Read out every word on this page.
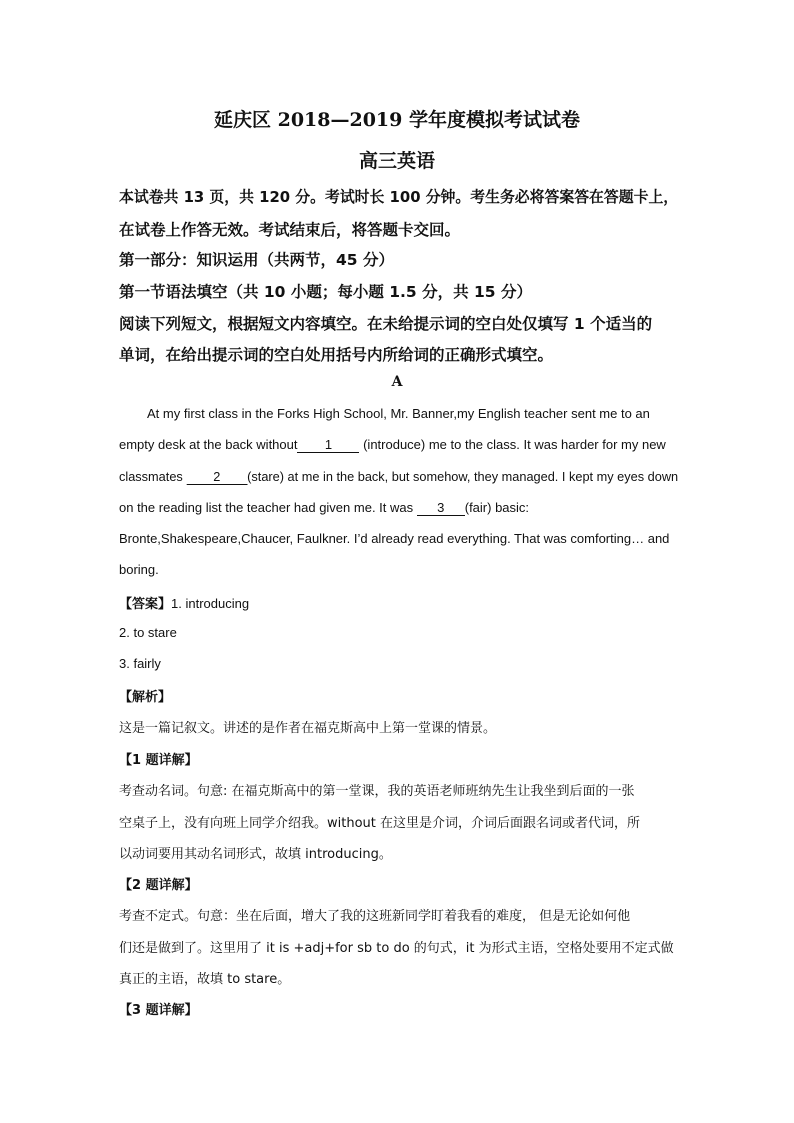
延庆区 2018—2019 学年度模拟考试试卷
高三英语
本试卷共 13 页，共 120 分。考试时长 100 分钟。考生务必将答案答在答题卡上，
在试卷上作答无效。考试结束后，将答题卡交回。
第一部分：知识运用（共两节，45 分）
第一节语法填空（共 10 小题；每小题 1.5 分，共 15 分）
阅读下列短文，根据短文内容填空。在未给提示词的空白处仅填写 1 个适当的
单词，在给出提示词的空白处用括号内所给词的正确形式填空。
A
At my first class in the Forks High School, Mr. Banner,my English teacher sent me to an
empty desk at the back without 1 (introduce) me to the class. It was harder for my new
classmates 2 (stare) at me in the back, but somehow, they managed. I kept my eyes down
on the reading list the teacher had given me. It was 3 (fair) basic:
Bronte,Shakespeare,Chaucer, Faulkner. I’d already read everything. That was comforting… and
boring.
【答案】1. introducing
2. to stare
3. fairly
【解析】
这是一篇记叙文。讲述的是作者在福克斯高中上第一堂课的情景。
【1 题详解】
考查动名词。句意: 在福克斯高中的第一堂课，我的英语老师班纳先生让我坐到后面的一张
空桌子上，没有向班上同学介绍我。without 在这里是介词，介词后面跟名词或者代词，所
以动词要用其动名词形式，故填 introducing。
【2 题详解】
考查不定式。句意：坐在后面，增大了我的这班新同学盯着我看的难度， 但是无论如何他
们还是做到了。这里用了 it is +adj+for sb to do 的句式，it 为形式主语，空格处要用不定式做
真正的主语，故填 to stare。
【3 题详解】
